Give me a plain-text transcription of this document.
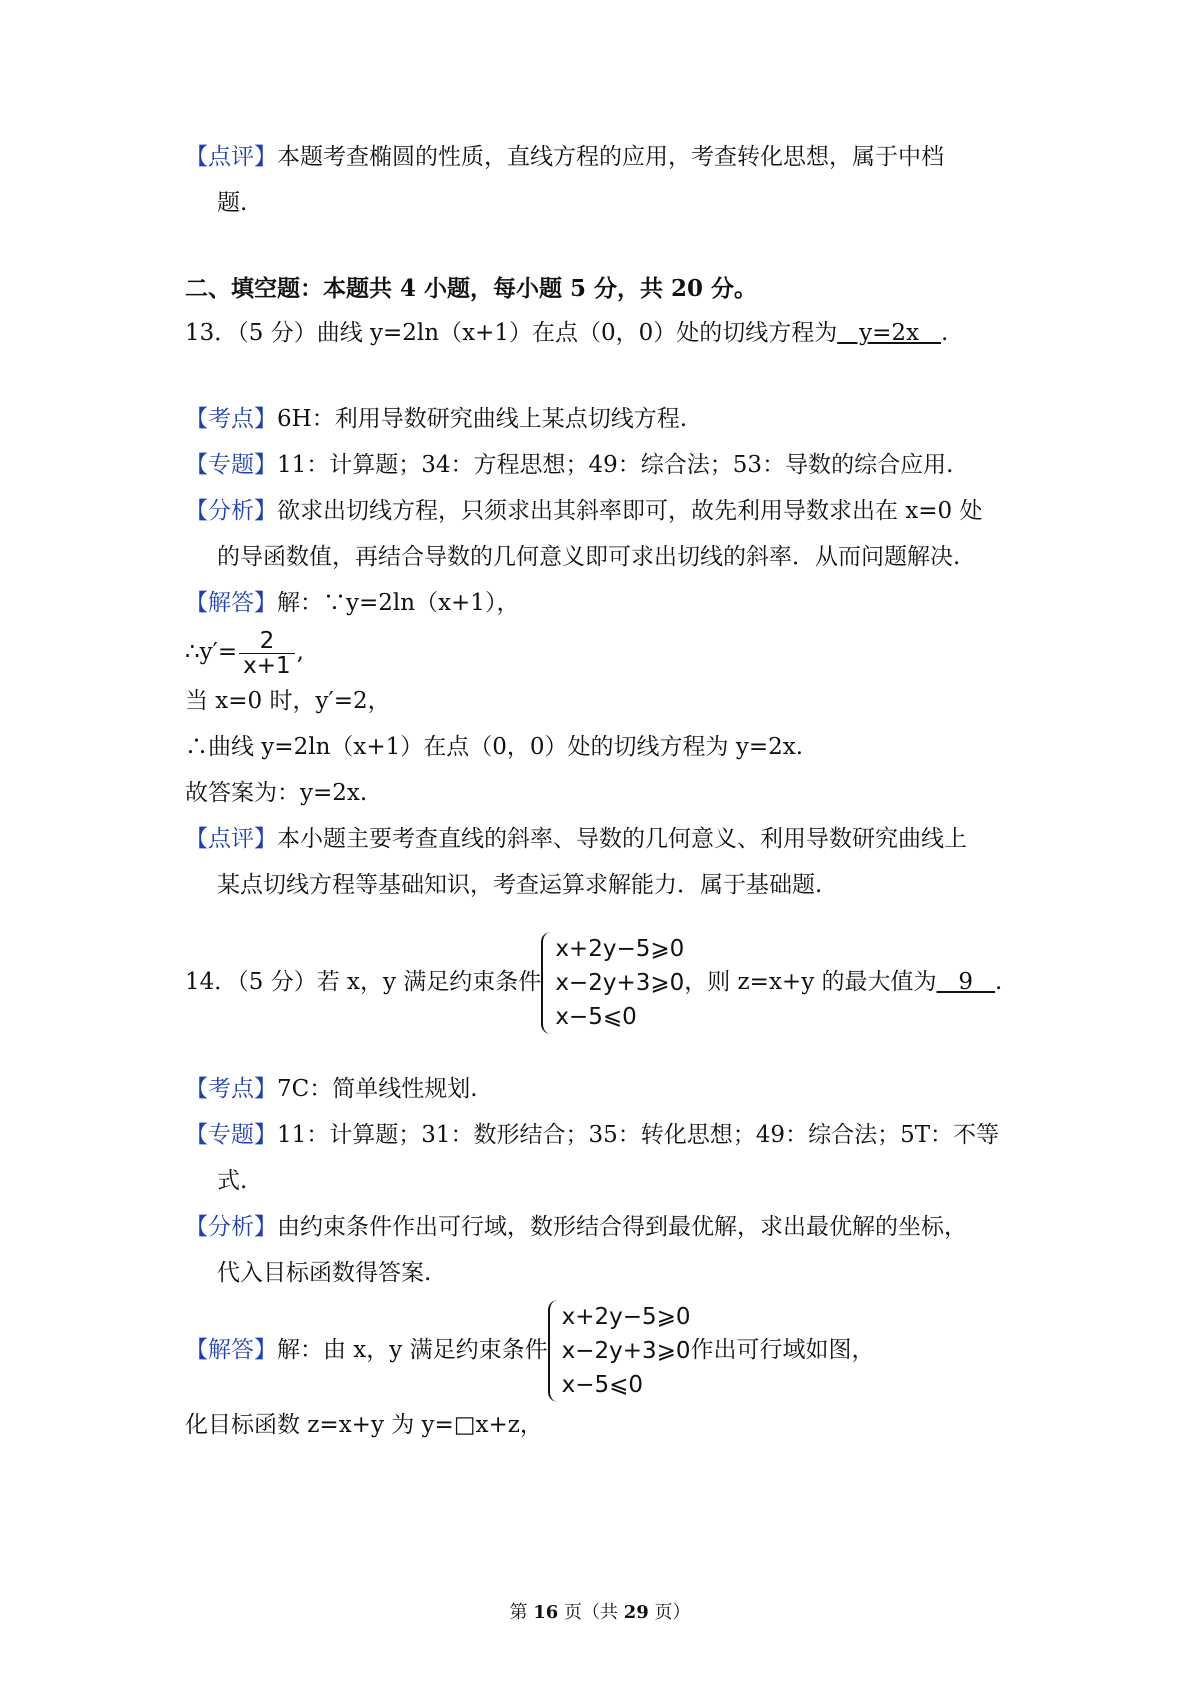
【点评】本题考查椭圆的性质，直线方程的应用，考查转化思想，属于中档
题.
二、填空题：本题共 4 小题，每小题 5 分，共 20 分。
13．（5 分）曲线 y=2ln（x+1）在点（0，0）处的切线方程为   y=2x   .
【考点】6H：利用导数研究曲线上某点切线方程.
【专题】11：计算题；34：方程思想；49：综合法；53：导数的综合应用.
【分析】欲求出切线方程，只须求出其斜率即可，故先利用导数求出在 x=0 处
的导函数值，再结合导数的几何意义即可求出切线的斜率．从而问题解决.
【解答】解：∵y=2ln（x+1），
∴y′= $\frac{2}{x+1}$ ,
当 x=0 时，y′=2，
∴曲线 y=2ln（x+1）在点（0，0）处的切线方程为 y=2x.
故答案为：y=2x.
【点评】本小题主要考查直线的斜率、导数的几何意义、利用导数研究曲线上
某点切线方程等基础知识，考查运算求解能力．属于基础题.
14．（5 分）若 x，y 满足约束条件
x+2y−5⩾0
x−2y+3⩾0
x−5⩽0
，则 z=x+y 的最大值为   9   .
【考点】7C：简单线性规划.
【专题】11：计算题；31：数形结合；35：转化思想；49：综合法；5T：不等
式.
【分析】由约束条件作出可行域，数形结合得到最优解，求出最优解的坐标，
代入目标函数得答案.
【解答】解：由 x，y 满足约束条件
x+2y−5⩾0
x−2y+3⩾0
x−5⩽0
作出可行域如图，
化目标函数 z=x+y 为 y=□x+z，
第 16 页（共 29 页）
